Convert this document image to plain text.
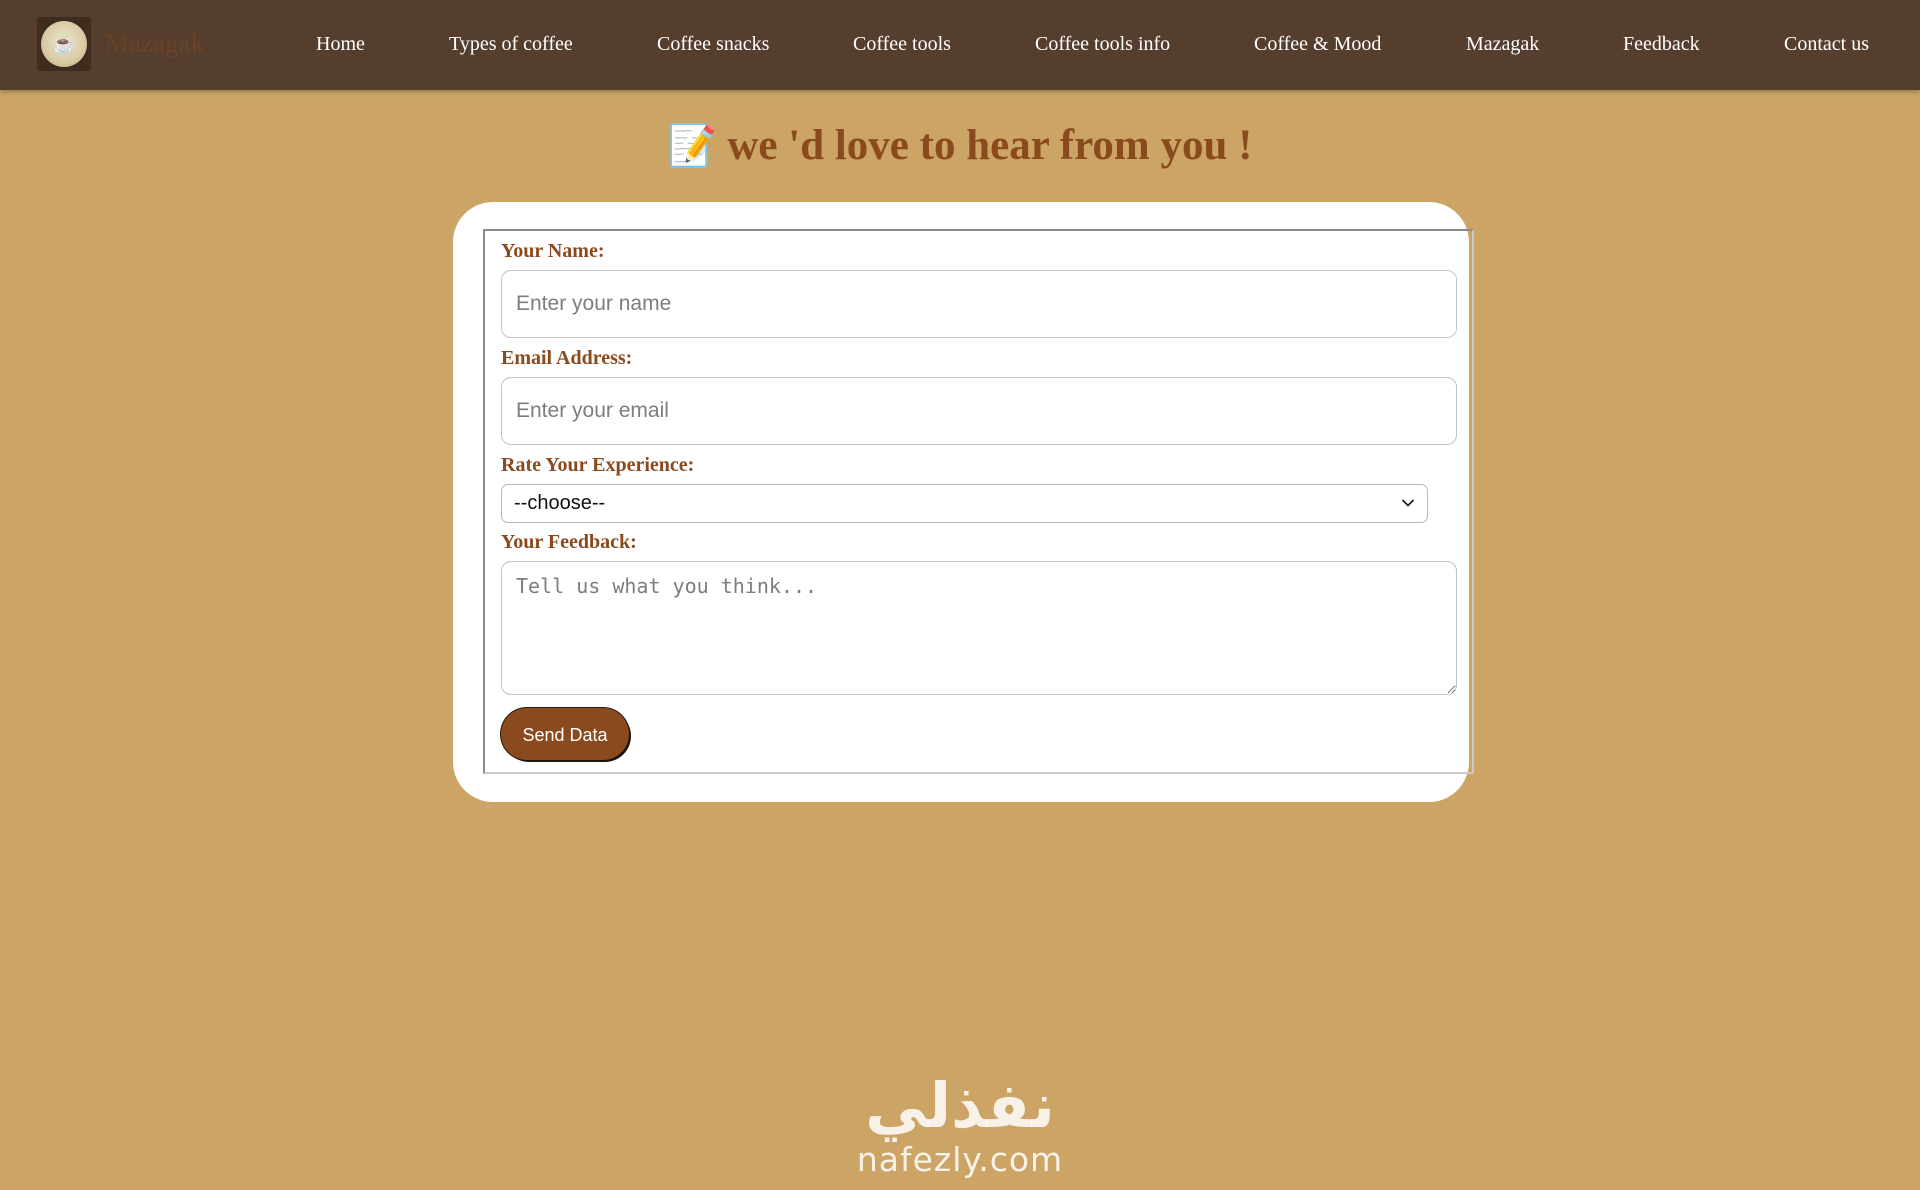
☕	Mazagak	Home	Types of coffee	Coffee snacks	Coffee tools	Coffee tools info	Coffee & Mood	Mazagak	Feedback	Contact us
📝 we 'd love to hear from you !
Your Name:
Enter your name
Email Address:
Enter your email
Rate Your Experience:
--choose--
Your Feedback:
Tell us what you think...
Send Data
نفذلي
nafezly.com
